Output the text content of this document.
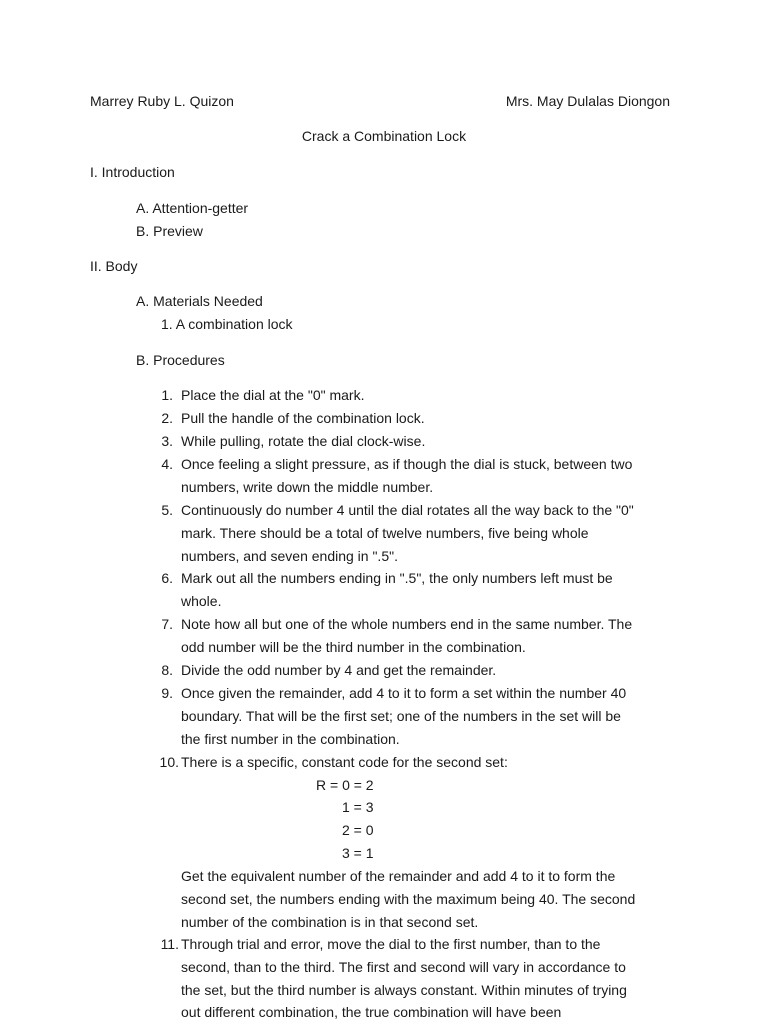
Marrey Ruby L. Quizon	Mrs. May Dulalas Diongon
Crack a Combination Lock
I. Introduction
A. Attention-getter
B. Preview
II. Body
A. Materials Needed
1. A combination lock
B. Procedures
1. Place the dial at the "0" mark.
2. Pull the handle of the combination lock.
3. While pulling, rotate the dial clock-wise.
4. Once feeling a slight pressure, as if though the dial is stuck, between two
numbers, write down the middle number.
5. Continuously do number 4 until the dial rotates all the way back to the "0"
mark. There should be a total of twelve numbers, five being whole
numbers, and seven ending in ".5".
6. Mark out all the numbers ending in ".5", the only numbers left must be
whole.
7. Note how all but one of the whole numbers end in the same number. The
odd number will be the third number in the combination.
8. Divide the odd number by 4 and get the remainder.
9. Once given the remainder, add 4 to it to form a set within the number 40
boundary. That will be the first set; one of the numbers in the set will be
the first number in the combination.
10. There is a specific, constant code for the second set:
R = 0 = 2
1 = 3
2 = 0
3 = 1
Get the equivalent number of the remainder and add 4 to it to form the
second set, the numbers ending with the maximum being 40. The second
number of the combination is in that second set.
11. Through trial and error, move the dial to the first number, than to the
second, than to the third. The first and second will vary in accordance to
the set, but the third number is always constant. Within minutes of trying
out different combination, the true combination will have been
